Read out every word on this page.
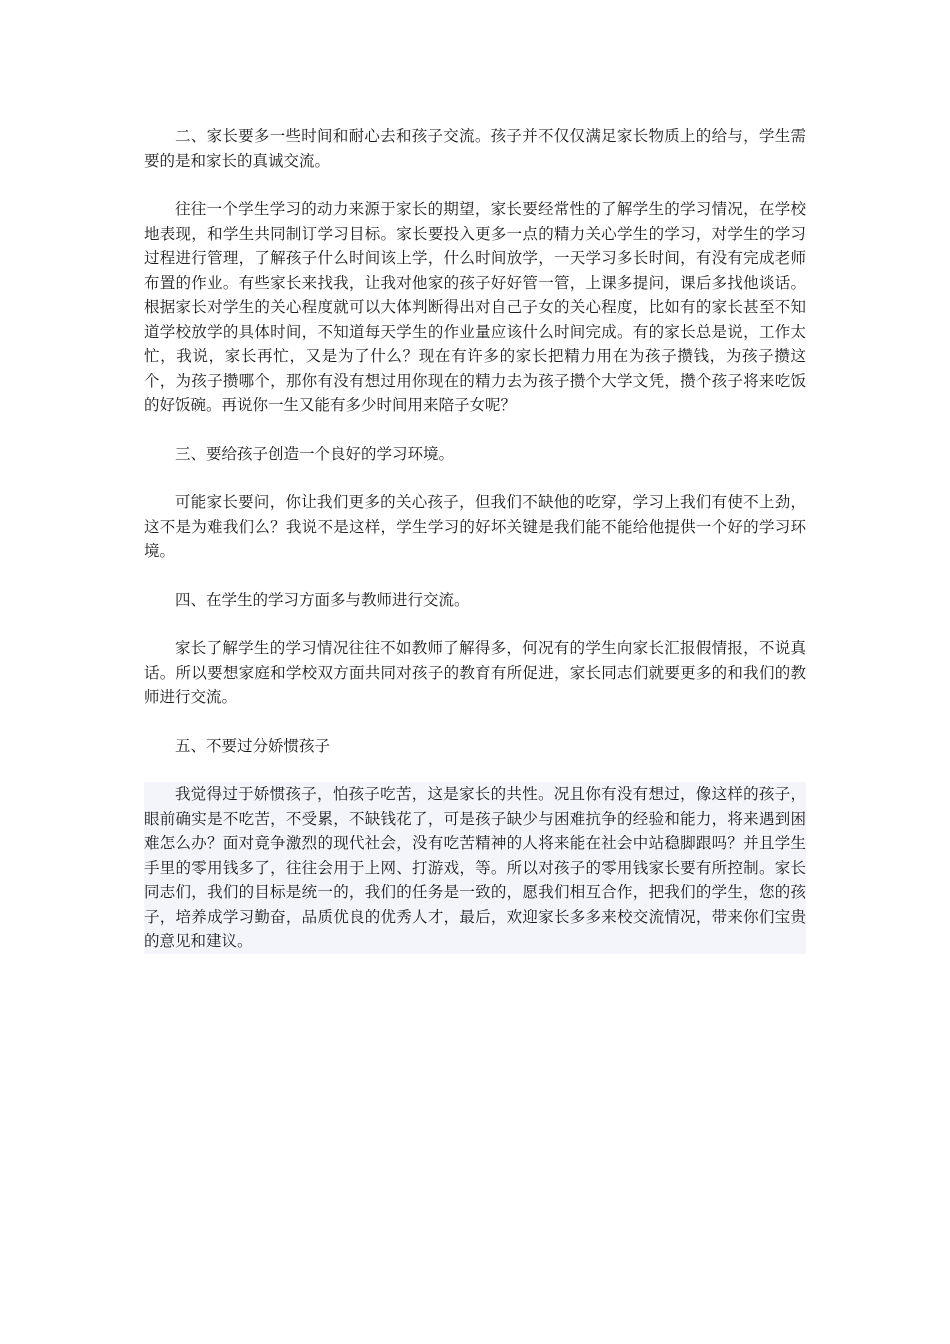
二、家长要多一些时间和耐心去和孩子交流。孩子并不仅仅满足家长物质上的给与，学生需要的是和家长的真诚交流。

往往一个学生学习的动力来源于家长的期望，家长要经常性的了解学生的学习情况，在学校地表现，和学生共同制订学习目标。家长要投入更多一点的精力关心学生的学习，对学生的学习过程进行管理，了解孩子什么时间该上学，什么时间放学，一天学习多长时间，有没有完成老师布置的作业。有些家长来找我，让我对他家的孩子好好管一管，上课多提问，课后多找他谈话。根据家长对学生的关心程度就可以大体判断得出对自己子女的关心程度，比如有的家长甚至不知道学校放学的具体时间，不知道每天学生的作业量应该什么时间完成。有的家长总是说，工作太忙，我说，家长再忙，又是为了什么？现在有许多的家长把精力用在为孩子攒钱，为孩子攒这个，为孩子攒哪个，那你有没有想过用你现在的精力去为孩子攒个大学文凭，攒个孩子将来吃饭的好饭碗。再说你一生又能有多少时间用来陪子女呢？

三、要给孩子创造一个良好的学习环境。

可能家长要问，你让我们更多的关心孩子，但我们不缺他的吃穿，学习上我们有使不上劲，这不是为难我们么？我说不是这样，学生学习的好坏关键是我们能不能给他提供一个好的学习环境。

四、在学生的学习方面多与教师进行交流。

家长了解学生的学习情况往往不如教师了解得多，何况有的学生向家长汇报假情报，不说真话。所以要想家庭和学校双方面共同对孩子的教育有所促进，家长同志们就要更多的和我们的教师进行交流。

五、不要过分娇惯孩子

我觉得过于娇惯孩子，怕孩子吃苦，这是家长的共性。况且你有没有想过，像这样的孩子，眼前确实是不吃苦，不受累，不缺钱花了，可是孩子缺少与困难抗争的经验和能力，将来遇到困难怎么办？面对竟争激烈的现代社会，没有吃苦精神的人将来能在社会中站稳脚跟吗？并且学生手里的零用钱多了，往往会用于上网、打游戏，等。所以对孩子的零用钱家长要有所控制。家长同志们，我们的目标是统一的，我们的任务是一致的，愿我们相互合作，把我们的学生，您的孩子，培养成学习勤奋，品质优良的优秀人才，最后，欢迎家长多多来校交流情况，带来你们宝贵的意见和建议。
